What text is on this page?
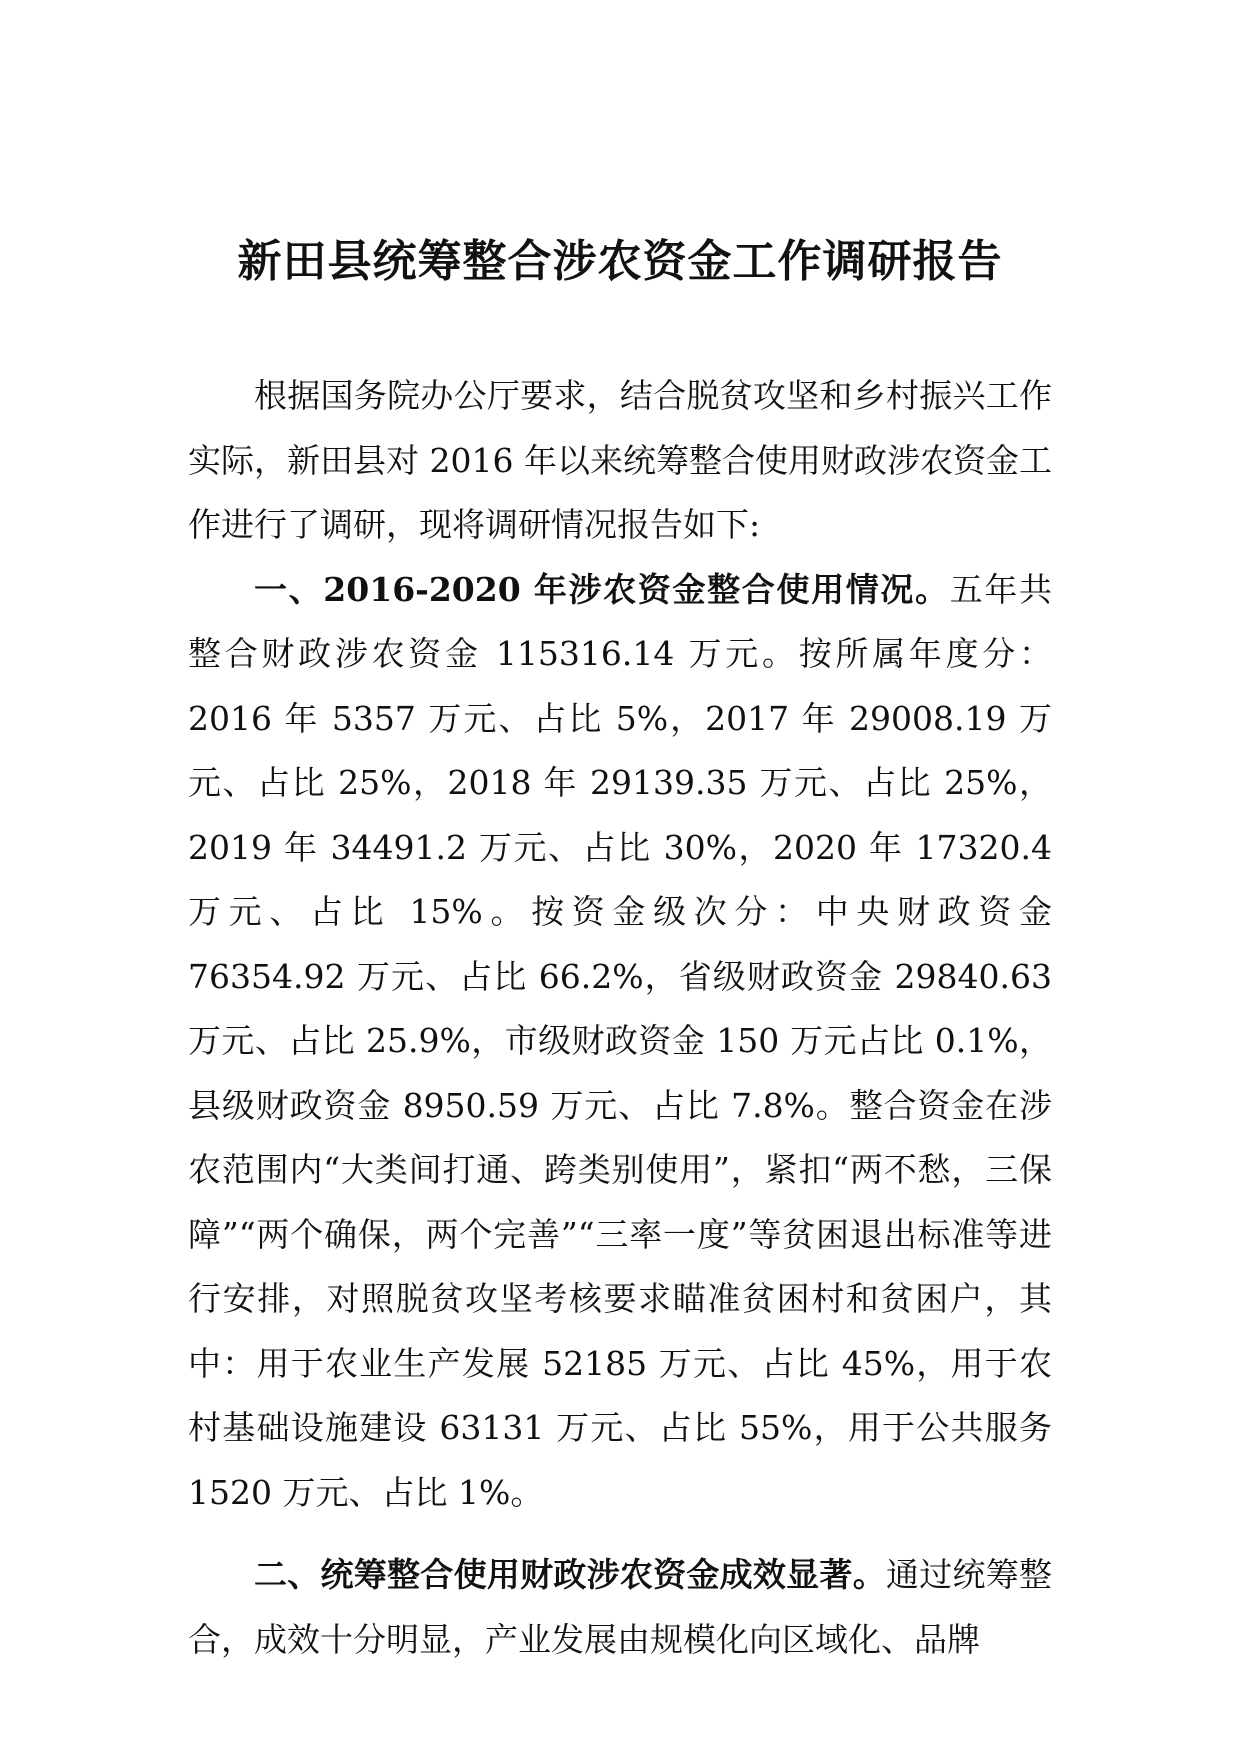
新田县统筹整合涉农资金工作调研报告

根据国务院办公厅要求，结合脱贫攻坚和乡村振兴工作实际，新田县对 2016 年以来统筹整合使用财政涉农资金工作进行了调研，现将调研情况报告如下:

一、2016-2020 年涉农资金整合使用情况。五年共整合财政涉农资金 115316.14 万元。按所属年度分：2016 年 5357 万元、占比 5%，2017 年 29008.19 万元、占比 25%，2018 年 29139.35 万元、占比 25%，2019 年 34491.2 万元、占比 30%，2020 年 17320.4 万元、占比 15%。按资金级次分：中央财政资金 76354.92 万元、占比 66.2%，省级财政资金 29840.63 万元、占比 25.9%，市级财政资金 150 万元占比 0.1%，县级财政资金 8950.59 万元、占比 7.8%。整合资金在涉农范围内“大类间打通、跨类别使用”，紧扣“两不愁，三保障”“两个确保，两个完善”“三率一度”等贫困退出标准等进行安排，对照脱贫攻坚考核要求瞄准贫困村和贫困户，其中：用于农业生产发展 52185 万元、占比 45%，用于农村基础设施建设 63131 万元、占比 55%，用于公共服务 1520 万元、占比 1%。

二、统筹整合使用财政涉农资金成效显著。通过统筹整合，成效十分明显，产业发展由规模化向区域化、品牌
